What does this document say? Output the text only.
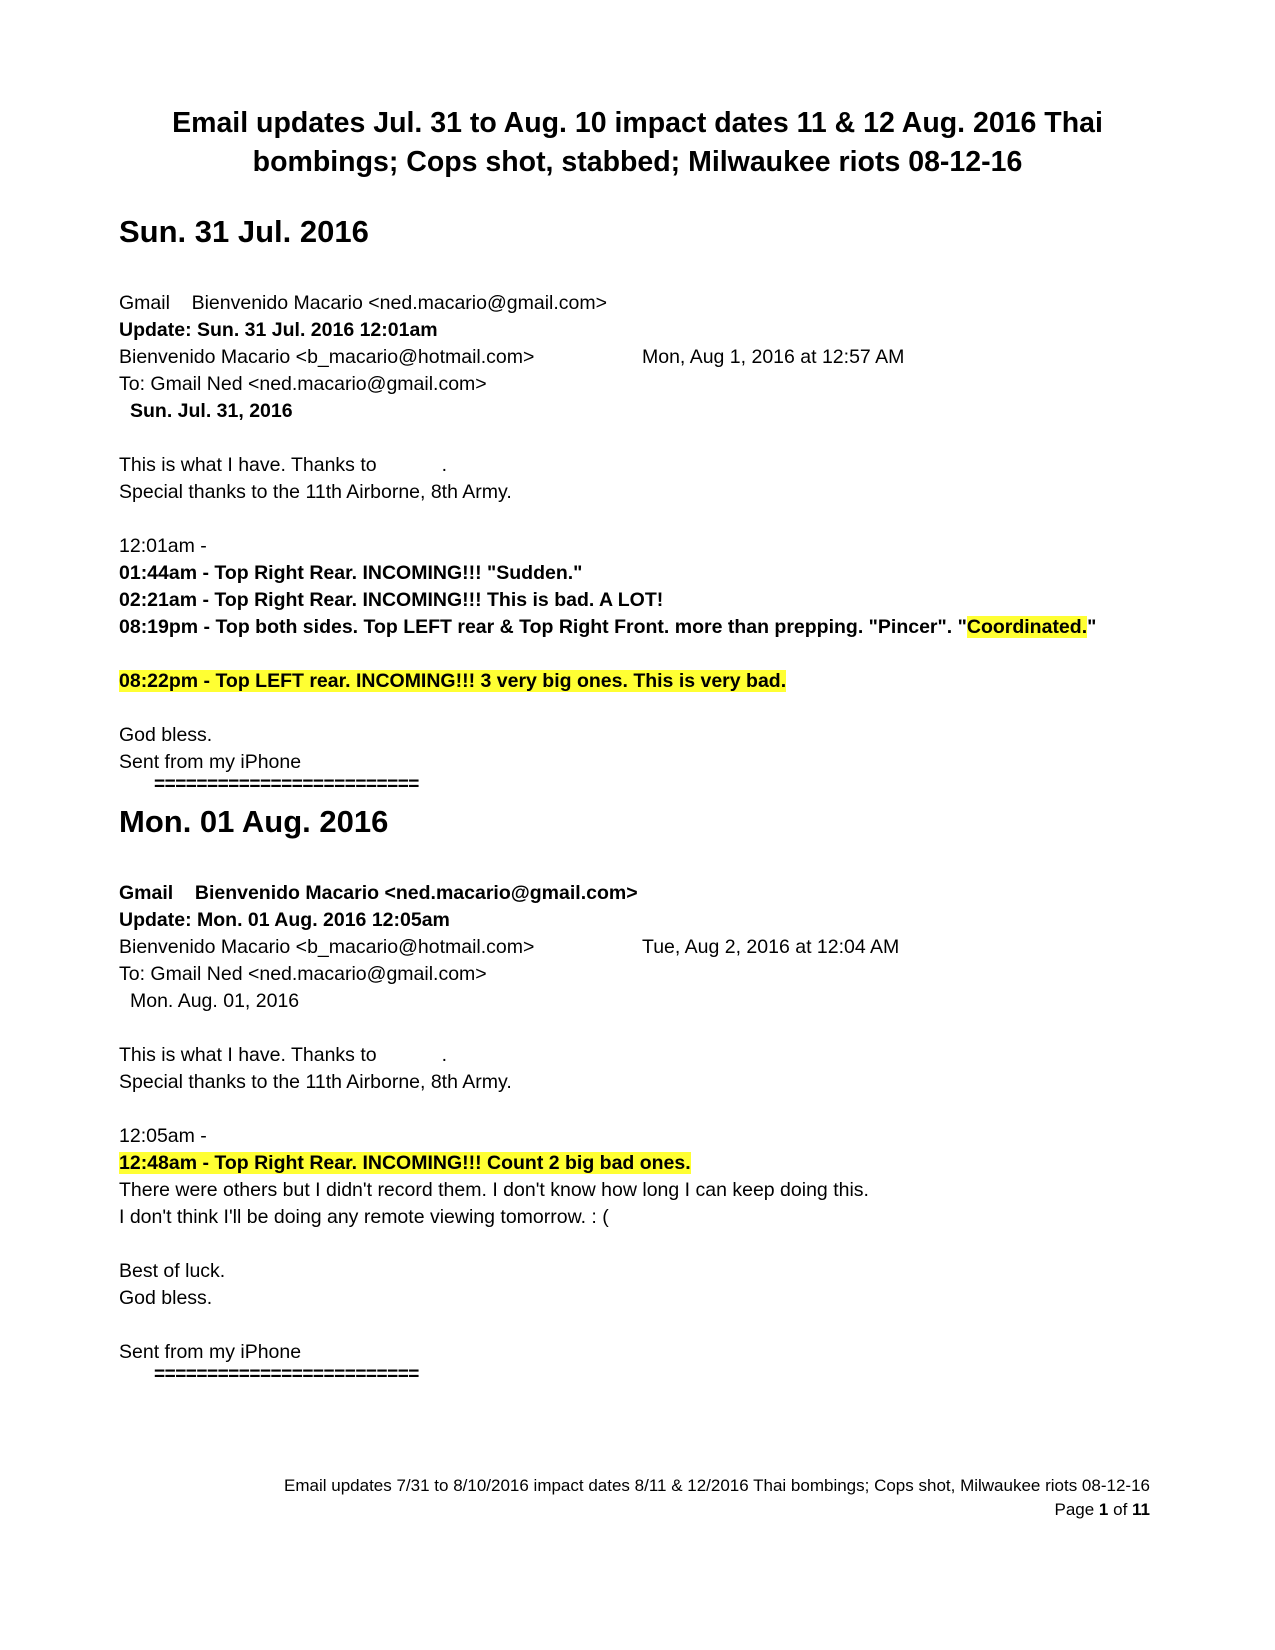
Email updates Jul. 31 to Aug. 10 impact dates 11 & 12 Aug. 2016 Thai bombings; Cops shot, stabbed; Milwaukee riots 08-12-16
Sun. 31 Jul. 2016
Gmail    Bienvenido Macario <ned.macario@gmail.com>
Update: Sun. 31 Jul. 2016 12:01am
Bienvenido Macario <b_macario@hotmail.com>	Mon, Aug 1, 2016 at 12:57 AM
To: Gmail Ned <ned.macario@gmail.com>
Sun. Jul. 31, 2016
This is what I have. Thanks to            .
Special thanks to the 11th Airborne, 8th Army.
12:01am -
01:44am - Top Right Rear. INCOMING!!! "Sudden."
02:21am - Top Right Rear. INCOMING!!! This is bad. A LOT!
08:19pm - Top both sides. Top LEFT rear & Top Right Front. more than prepping. "Pincer". "Coordinated."
08:22pm - Top LEFT rear. INCOMING!!! 3 very big ones. This is very bad.
God bless.
Sent from my iPhone
=========================
Mon. 01 Aug. 2016
Gmail    Bienvenido Macario <ned.macario@gmail.com>
Update: Mon. 01 Aug. 2016 12:05am
Bienvenido Macario <b_macario@hotmail.com>	Tue, Aug 2, 2016 at 12:04 AM
To: Gmail Ned <ned.macario@gmail.com>
Mon. Aug. 01, 2016
This is what I have. Thanks to            .
Special thanks to the 11th Airborne, 8th Army.
12:05am -
12:48am - Top Right Rear. INCOMING!!! Count 2 big bad ones.
There were others but I didn't record them. I don't know how long I can keep doing this.
I don't think I'll be doing any remote viewing tomorrow. : (
Best of luck.
God bless.
Sent from my iPhone
=========================
Email updates 7/31 to 8/10/2016 impact dates 8/11 & 12/2016 Thai bombings; Cops shot, Milwaukee riots 08-12-16
Page 1 of 11
